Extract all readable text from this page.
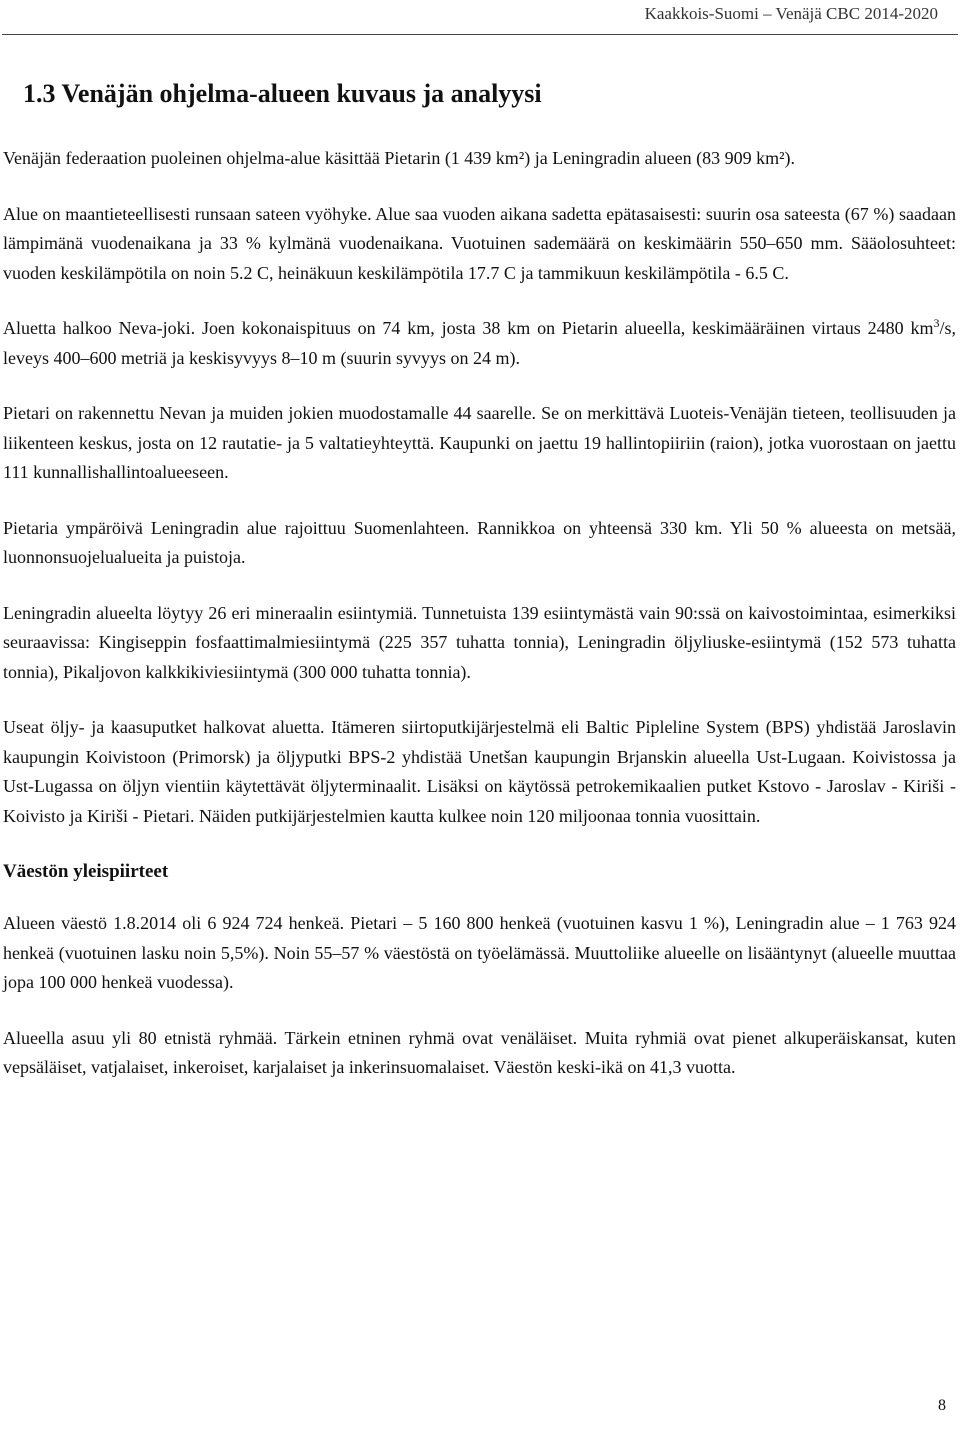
Kaakkois-Suomi – Venäjä CBC 2014-2020
1.3 Venäjän ohjelma-alueen kuvaus ja analyysi

Venäjän federaation puoleinen ohjelma-alue käsittää Pietarin (1 439 km²) ja Leningradin alueen (83 909 km²).

Alue on maantieteellisesti runsaan sateen vyöhyke. Alue saa vuoden aikana sadetta epätasaisesti: suurin osa sateesta (67 %) saadaan lämpimänä vuodenaikana ja 33 % kylmänä vuodenaikana. Vuotuinen sademäärä on keskimäärin 550–650 mm. Sääolosuhteet: vuoden keskilämpötila on noin 5.2 C, heinäkuun keskilämpötila 17.7 C ja tammikuun keskilämpötila - 6.5 C.

Aluetta halkoo Neva-joki. Joen kokonaispituus on 74 km, josta 38 km on Pietarin alueella, keskimääräinen virtaus 2480 $km^3/s$, leveys 400–600 metriä ja keskisyvyys 8–10 m (suurin syvyys on 24 m).

Pietari on rakennettu Nevan ja muiden jokien muodostamalle 44 saarelle. Se on merkittävä Luoteis-Venäjän tieteen, teollisuuden ja liikenteen keskus, josta on 12 rautatie- ja 5 valtatieyhteyttä. Kaupunki on jaettu 19 hallintopiiriin (raion), jotka vuorostaan on jaettu 111 kunnallishallintoalueeseen.

Pietaria ympäröivä Leningradin alue rajoittuu Suomenlahteen. Rannikkoa on yhteensä 330 km. Yli 50 % alueesta on metsää, luonnonsuojelualueita ja puistoja.

Leningradin alueelta löytyy 26 eri mineraalin esiintymiä. Tunnetuista 139 esiintymästä vain 90:ssä on kaivostoimintaa, esimerkiksi seuraavissa: Kingiseppin fosfaattimalmiesiintymä (225 357 tuhatta tonnia), Leningradin öljyliuske-esiintymä (152 573 tuhatta tonnia), Pikaljovon kalkkikiviesiintymä (300 000 tuhatta tonnia).

Useat öljy- ja kaasuputket halkovat aluetta. Itämeren siirtoputkijärjestelmä eli Baltic Pipleline System (BPS) yhdistää Jaroslavin kaupungin Koivistoon (Primorsk) ja öljyputki BPS-2 yhdistää Unetšan kaupungin Brjanskin alueella Ust-Lugaan. Koivistossa ja Ust-Lugassa on öljyn vientiin käytettävät öljyterminaalit. Lisäksi on käytössä petrokemikaalien putket Kstovo - Jaroslav - Kiriši - Koivisto ja Kiriši - Pietari. Näiden putkijärjestelmien kautta kulkee noin 120 miljoonaa tonnia vuosittain.

Väestön yleispiirteet

Alueen väestö 1.8.2014 oli 6 924 724 henkeä. Pietari – 5 160 800 henkeä (vuotuinen kasvu 1 %), Leningradin alue – 1 763 924 henkeä (vuotuinen lasku noin 5,5%). Noin 55–57 % väestöstä on työelämässä. Muuttoliike alueelle on lisääntynyt (alueelle muuttaa jopa 100 000 henkeä vuodessa).

Alueella asuu yli 80 etnistä ryhmää. Tärkein etninen ryhmä ovat venäläiset. Muita ryhmiä ovat pienet alkuperäiskansat, kuten vepsäläiset, vatjalaiset, inkeroiset, karjalaiset ja inkerinsuomalaiset. Väestön keski-ikä on 41,3 vuotta.

8
